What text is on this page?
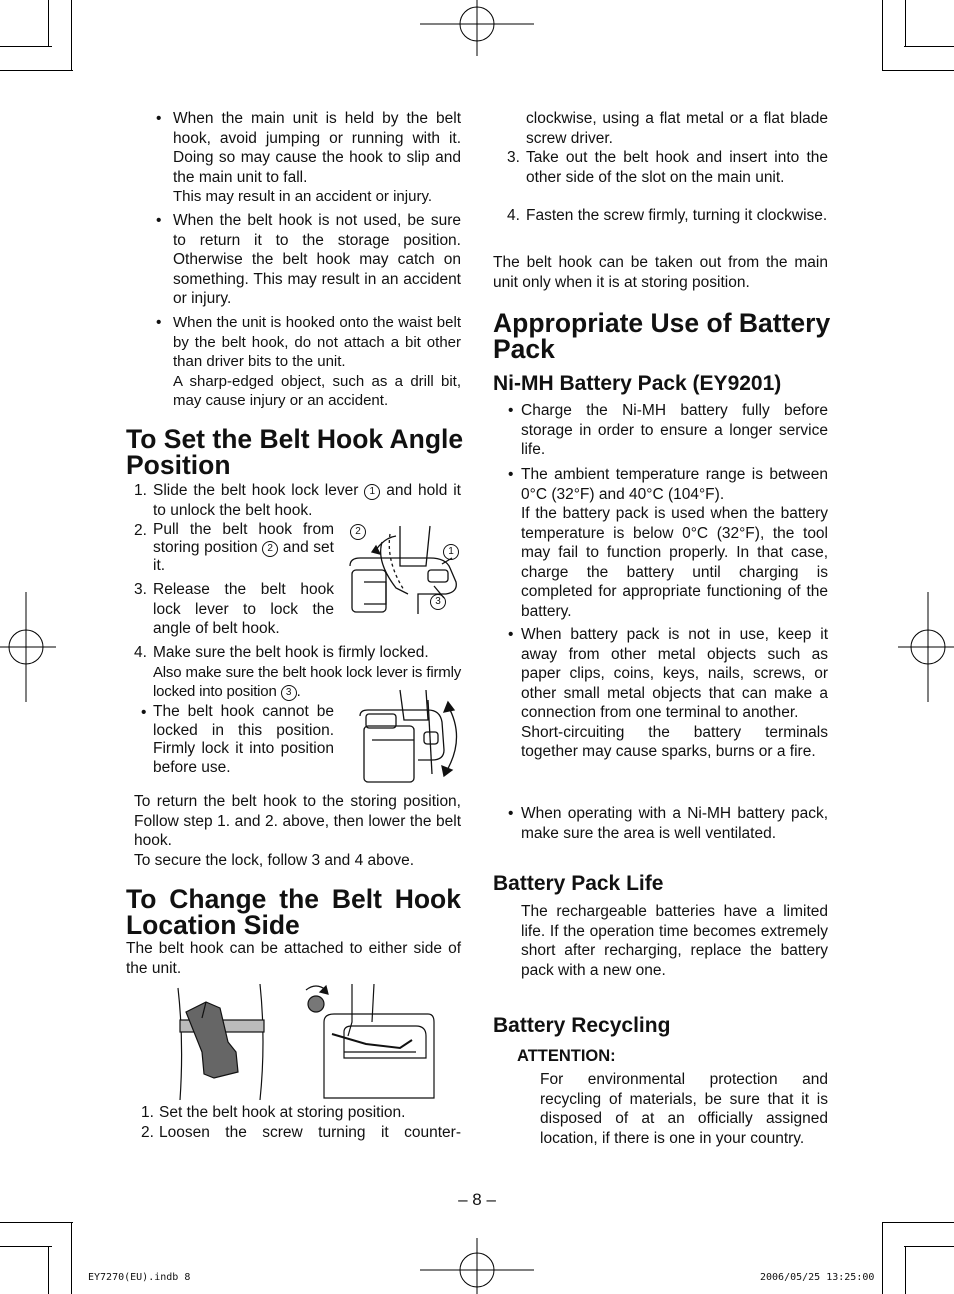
• When the main unit is held by the belt hook, avoid jumping or running with it. Doing so may cause the hook to slip and the main unit to fall.

This may result in an accident or injury.

• When the belt hook is not used, be sure to return it to the storage position. Otherwise the belt hook may catch on something. This may result in an accident or injury.

• When the unit is hooked onto the waist belt by the belt hook, do not attach a bit other than driver bits to the unit.

A sharp-edged object, such as a drill bit, may cause injury or an accident.

To Set the Belt Hook Angle Position
1. Slide the belt hook lock lever 1 and hold it to unlock the belt hook.

2. Pull the belt hook from storing position 2 and set it.

3. Release the belt hook lock lever to lock the angle of belt hook.

2
1
3
4. Make sure the belt hook is firmly locked.

Also make sure the belt hook lock lever is firmly locked into position 3 .

• The belt hook cannot be locked in this position. Firmly lock it into position before use.

To return the belt hook to the storing position, Follow step 1. and 2. above, then lower the belt hook.

To secure the lock, follow 3 and 4 above.

To Change the Belt Hook Location Side

The belt hook can be attached to either side of the unit.

1. Set the belt hook at storing position.

2. Loosen the screw turning it counter-

clockwise, using a flat metal or a flat blade screw driver.

3. Take out the belt hook and insert into the other side of the slot on the main unit.

4. Fasten the screw firmly, turning it clockwise.

The belt hook can be taken out from the main unit only when it is at storing position.

Appropriate Use of Battery Pack
Ni-MH Battery Pack (EY9201)
• Charge the Ni-MH battery fully before storage in order to ensure a longer service life.

• The ambient temperature range is between 0°C (32°F) and 40°C (104°F).

If the battery pack is used when the battery temperature is below 0°C (32°F), the tool may fail to function properly. In that case, charge the battery until charging is completed for appropriate functioning of the battery.

• When battery pack is not in use, keep it away from other metal objects such as paper clips, coins, keys, nails, screws, or other small metal objects that can make a connection from one terminal to another.

Short-circuiting the battery terminals together may cause sparks, burns or a fire.

• When operating with a Ni-MH battery pack, make sure the area is well ventilated.

Battery Pack Life

The rechargeable batteries have a limited life. If the operation time becomes extremely short after recharging, replace the battery pack with a new one.

Battery Recycling

ATTENTION:

For environmental protection and recycling of materials, be sure that it is disposed of at an officially assigned location, if there is one in your country.

– 8 –

EY7270(EU).indb 8	2006/05/25 13:25:00
